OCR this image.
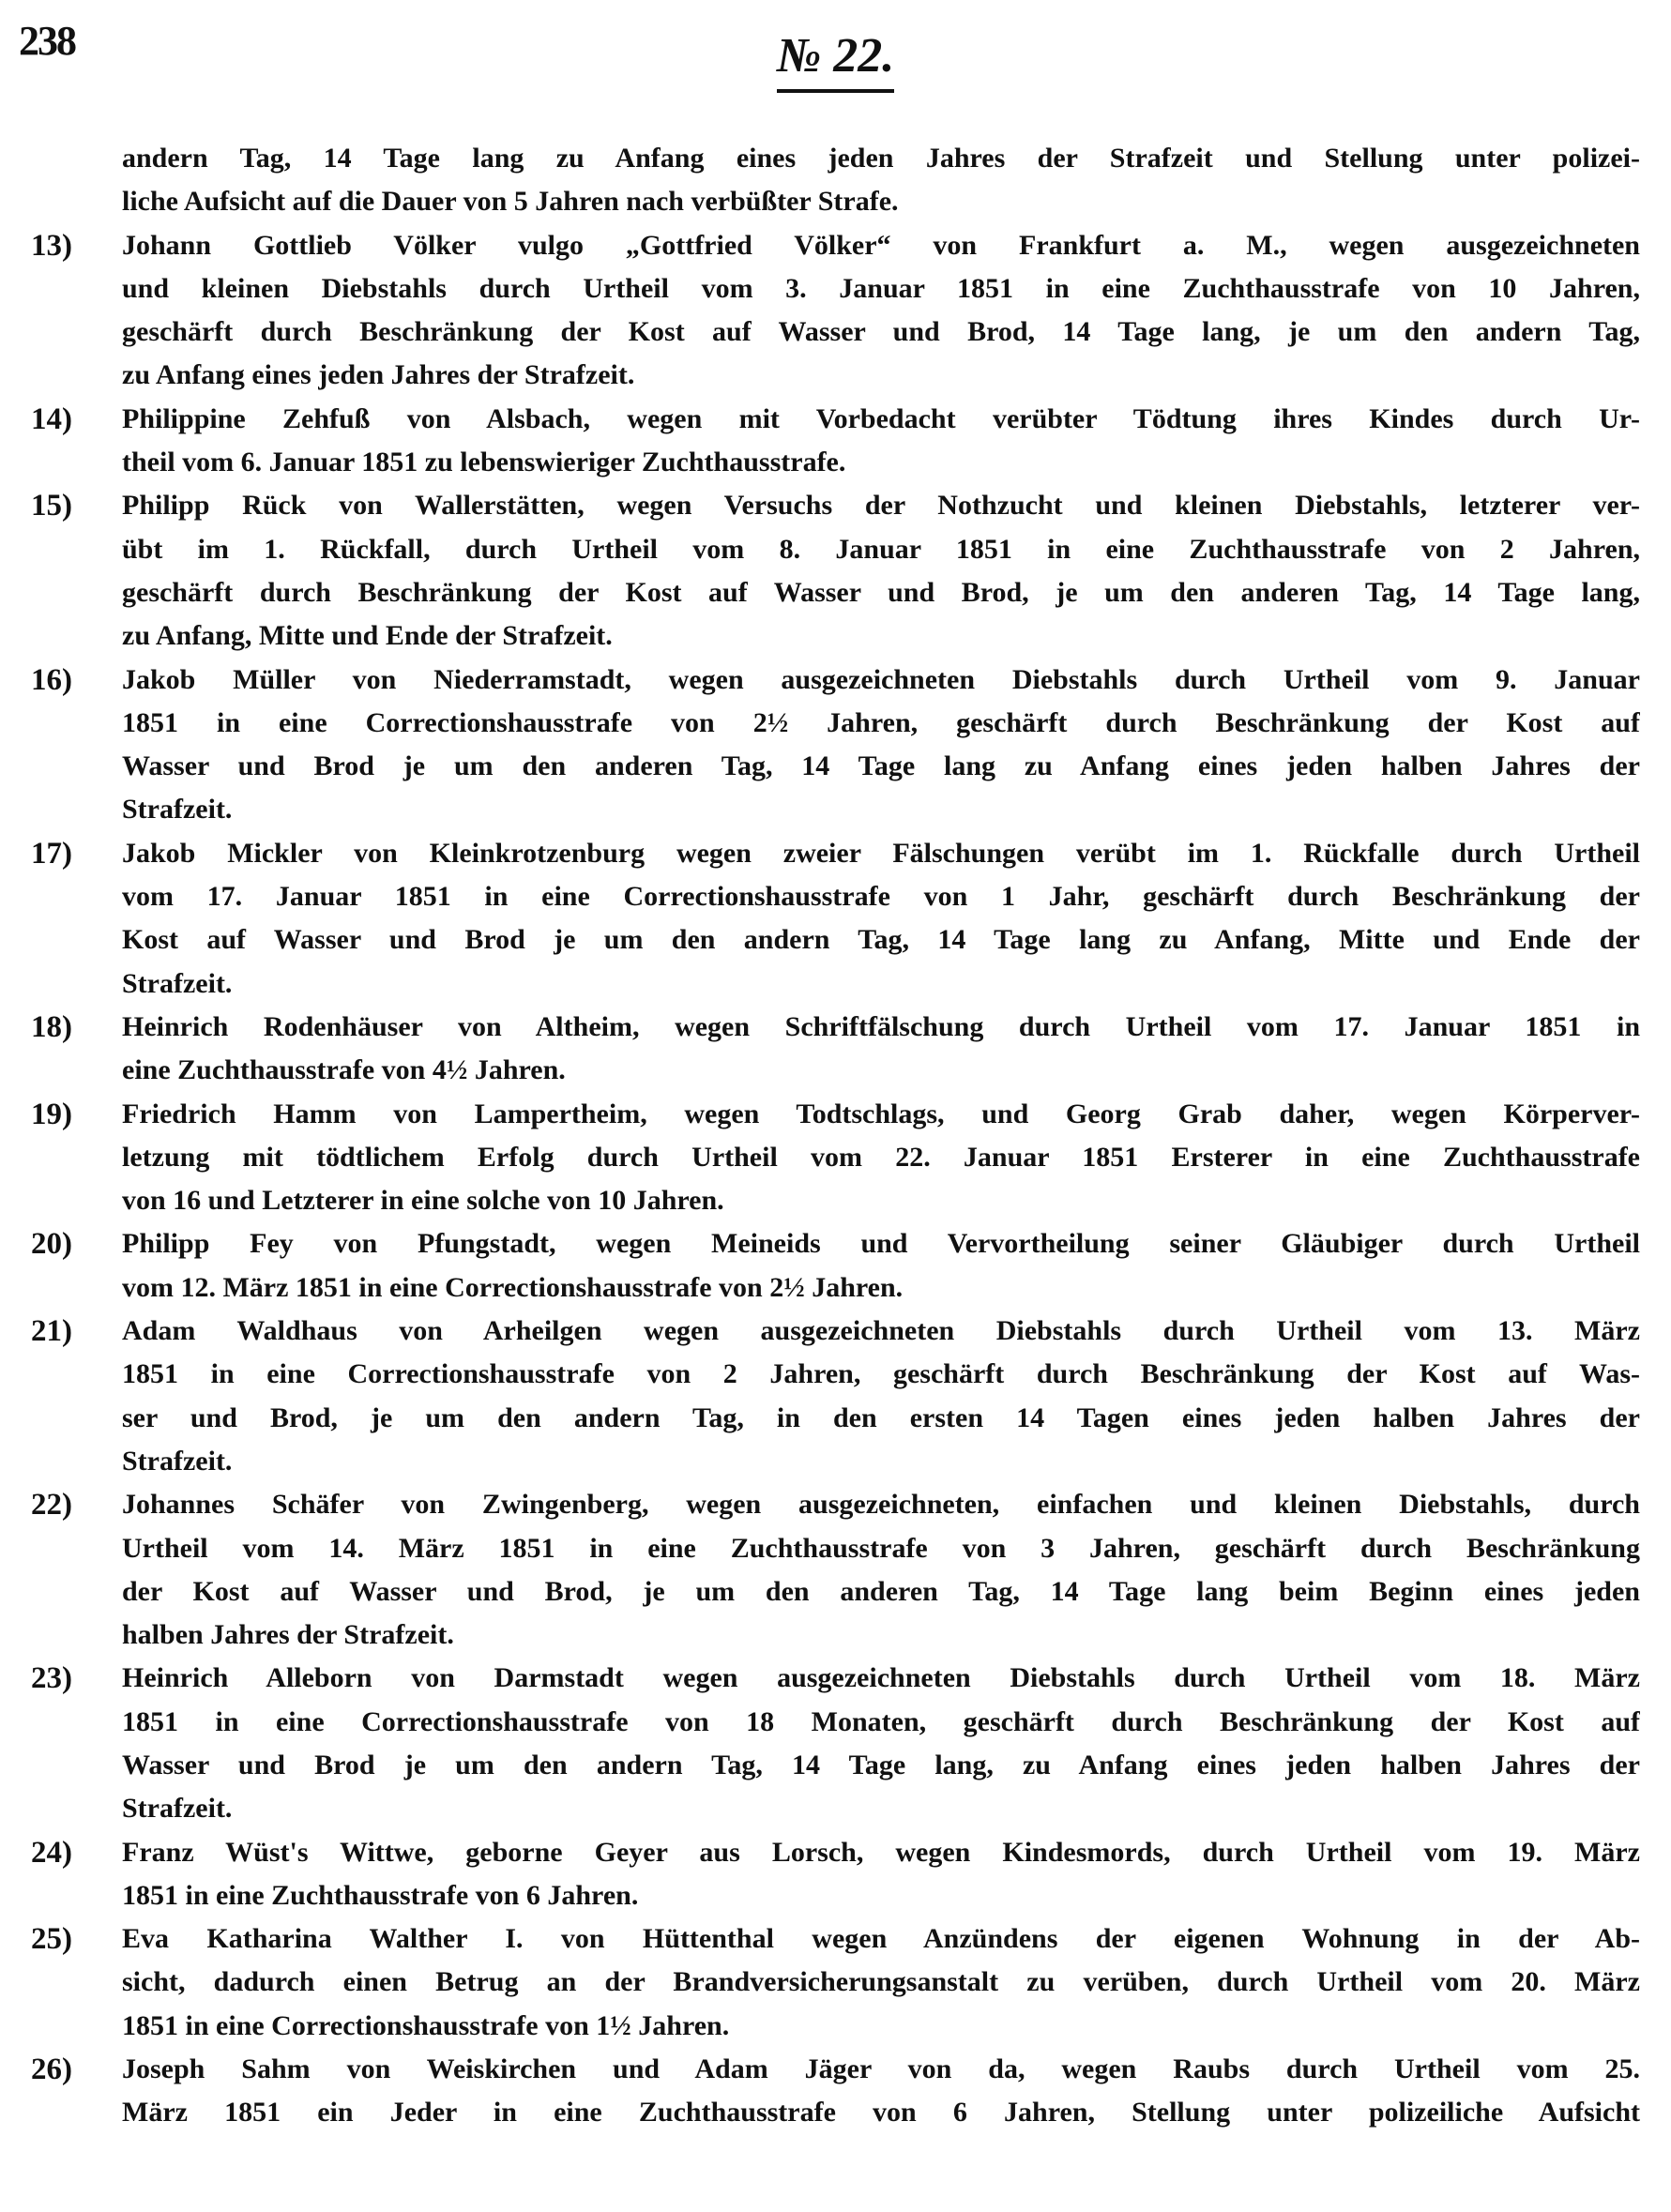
238	№ 22.
andern Tag, 14 Tage lang zu Anfang eines jeden Jahres der Strafzeit und Stellung unter polizei-
liche Aufsicht auf die Dauer von 5 Jahren nach verbüßter Strafe.
13)	Johann Gottlieb Völker vulgo „Gottfried Völker“ von Frankfurt a. M., wegen ausgezeichneten
und kleinen Diebstahls durch Urtheil vom 3. Januar 1851 in eine Zuchthausstrafe von 10 Jahren,
geschärft durch Beschränkung der Kost auf Wasser und Brod, 14 Tage lang, je um den andern Tag,
zu Anfang eines jeden Jahres der Strafzeit.
14)	Philippine Zehfuß von Alsbach, wegen mit Vorbedacht verübter Tödtung ihres Kindes durch Ur-
theil vom 6. Januar 1851 zu lebenswieriger Zuchthausstrafe.
15)	Philipp Rück von Wallerstätten, wegen Versuchs der Nothzucht und kleinen Diebstahls, letzterer ver-
übt im 1. Rückfall, durch Urtheil vom 8. Januar 1851 in eine Zuchthausstrafe von 2 Jahren,
geschärft durch Beschränkung der Kost auf Wasser und Brod, je um den anderen Tag, 14 Tage lang,
zu Anfang, Mitte und Ende der Strafzeit.
16)	Jakob Müller von Niederramstadt, wegen ausgezeichneten Diebstahls durch Urtheil vom 9. Januar
1851 in eine Correctionshausstrafe von 2½ Jahren, geschärft durch Beschränkung der Kost auf
Wasser und Brod je um den anderen Tag, 14 Tage lang zu Anfang eines jeden halben Jahres der
Strafzeit.
17)	Jakob Mickler von Kleinkrotzenburg wegen zweier Fälschungen verübt im 1. Rückfalle durch Urtheil
vom 17. Januar 1851 in eine Correctionshausstrafe von 1 Jahr, geschärft durch Beschränkung der
Kost auf Wasser und Brod je um den andern Tag, 14 Tage lang zu Anfang, Mitte und Ende der
Strafzeit.
18)	Heinrich Rodenhäuser von Altheim, wegen Schriftfälschung durch Urtheil vom 17. Januar 1851 in
eine Zuchthausstrafe von 4½ Jahren.
19)	Friedrich Hamm von Lampertheim, wegen Todtschlags, und Georg Grab daher, wegen Körperver-
letzung mit tödtlichem Erfolg durch Urtheil vom 22. Januar 1851 Ersterer in eine Zuchthausstrafe
von 16 und Letzterer in eine solche von 10 Jahren.
20)	Philipp Fey von Pfungstadt, wegen Meineids und Vervortheilung seiner Gläubiger durch Urtheil
vom 12. März 1851 in eine Correctionshausstrafe von 2½ Jahren.
21)	Adam Waldhaus von Arheilgen wegen ausgezeichneten Diebstahls durch Urtheil vom 13. März
1851 in eine Correctionshausstrafe von 2 Jahren, geschärft durch Beschränkung der Kost auf Was-
ser und Brod, je um den andern Tag, in den ersten 14 Tagen eines jeden halben Jahres der
Strafzeit.
22)	Johannes Schäfer von Zwingenberg, wegen ausgezeichneten, einfachen und kleinen Diebstahls, durch
Urtheil vom 14. März 1851 in eine Zuchthausstrafe von 3 Jahren, geschärft durch Beschränkung
der Kost auf Wasser und Brod, je um den anderen Tag, 14 Tage lang beim Beginn eines jeden
halben Jahres der Strafzeit.
23)	Heinrich Alleborn von Darmstadt wegen ausgezeichneten Diebstahls durch Urtheil vom 18. März
1851 in eine Correctionshausstrafe von 18 Monaten, geschärft durch Beschränkung der Kost auf
Wasser und Brod je um den andern Tag, 14 Tage lang, zu Anfang eines jeden halben Jahres der
Strafzeit.
24)	Franz Wüst's Wittwe, geborne Geyer aus Lorsch, wegen Kindesmords, durch Urtheil vom 19. März
1851 in eine Zuchthausstrafe von 6 Jahren.
25)	Eva Katharina Walther I. von Hüttenthal wegen Anzündens der eigenen Wohnung in der Ab-
sicht, dadurch einen Betrug an der Brandversicherungsanstalt zu verüben, durch Urtheil vom 20. März
1851 in eine Correctionshausstrafe von 1½ Jahren.
26)	Joseph Sahm von Weiskirchen und Adam Jäger von da, wegen Raubs durch Urtheil vom 25.
März 1851 ein Jeder in eine Zuchthausstrafe von 6 Jahren, Stellung unter polizeiliche Aufsicht
